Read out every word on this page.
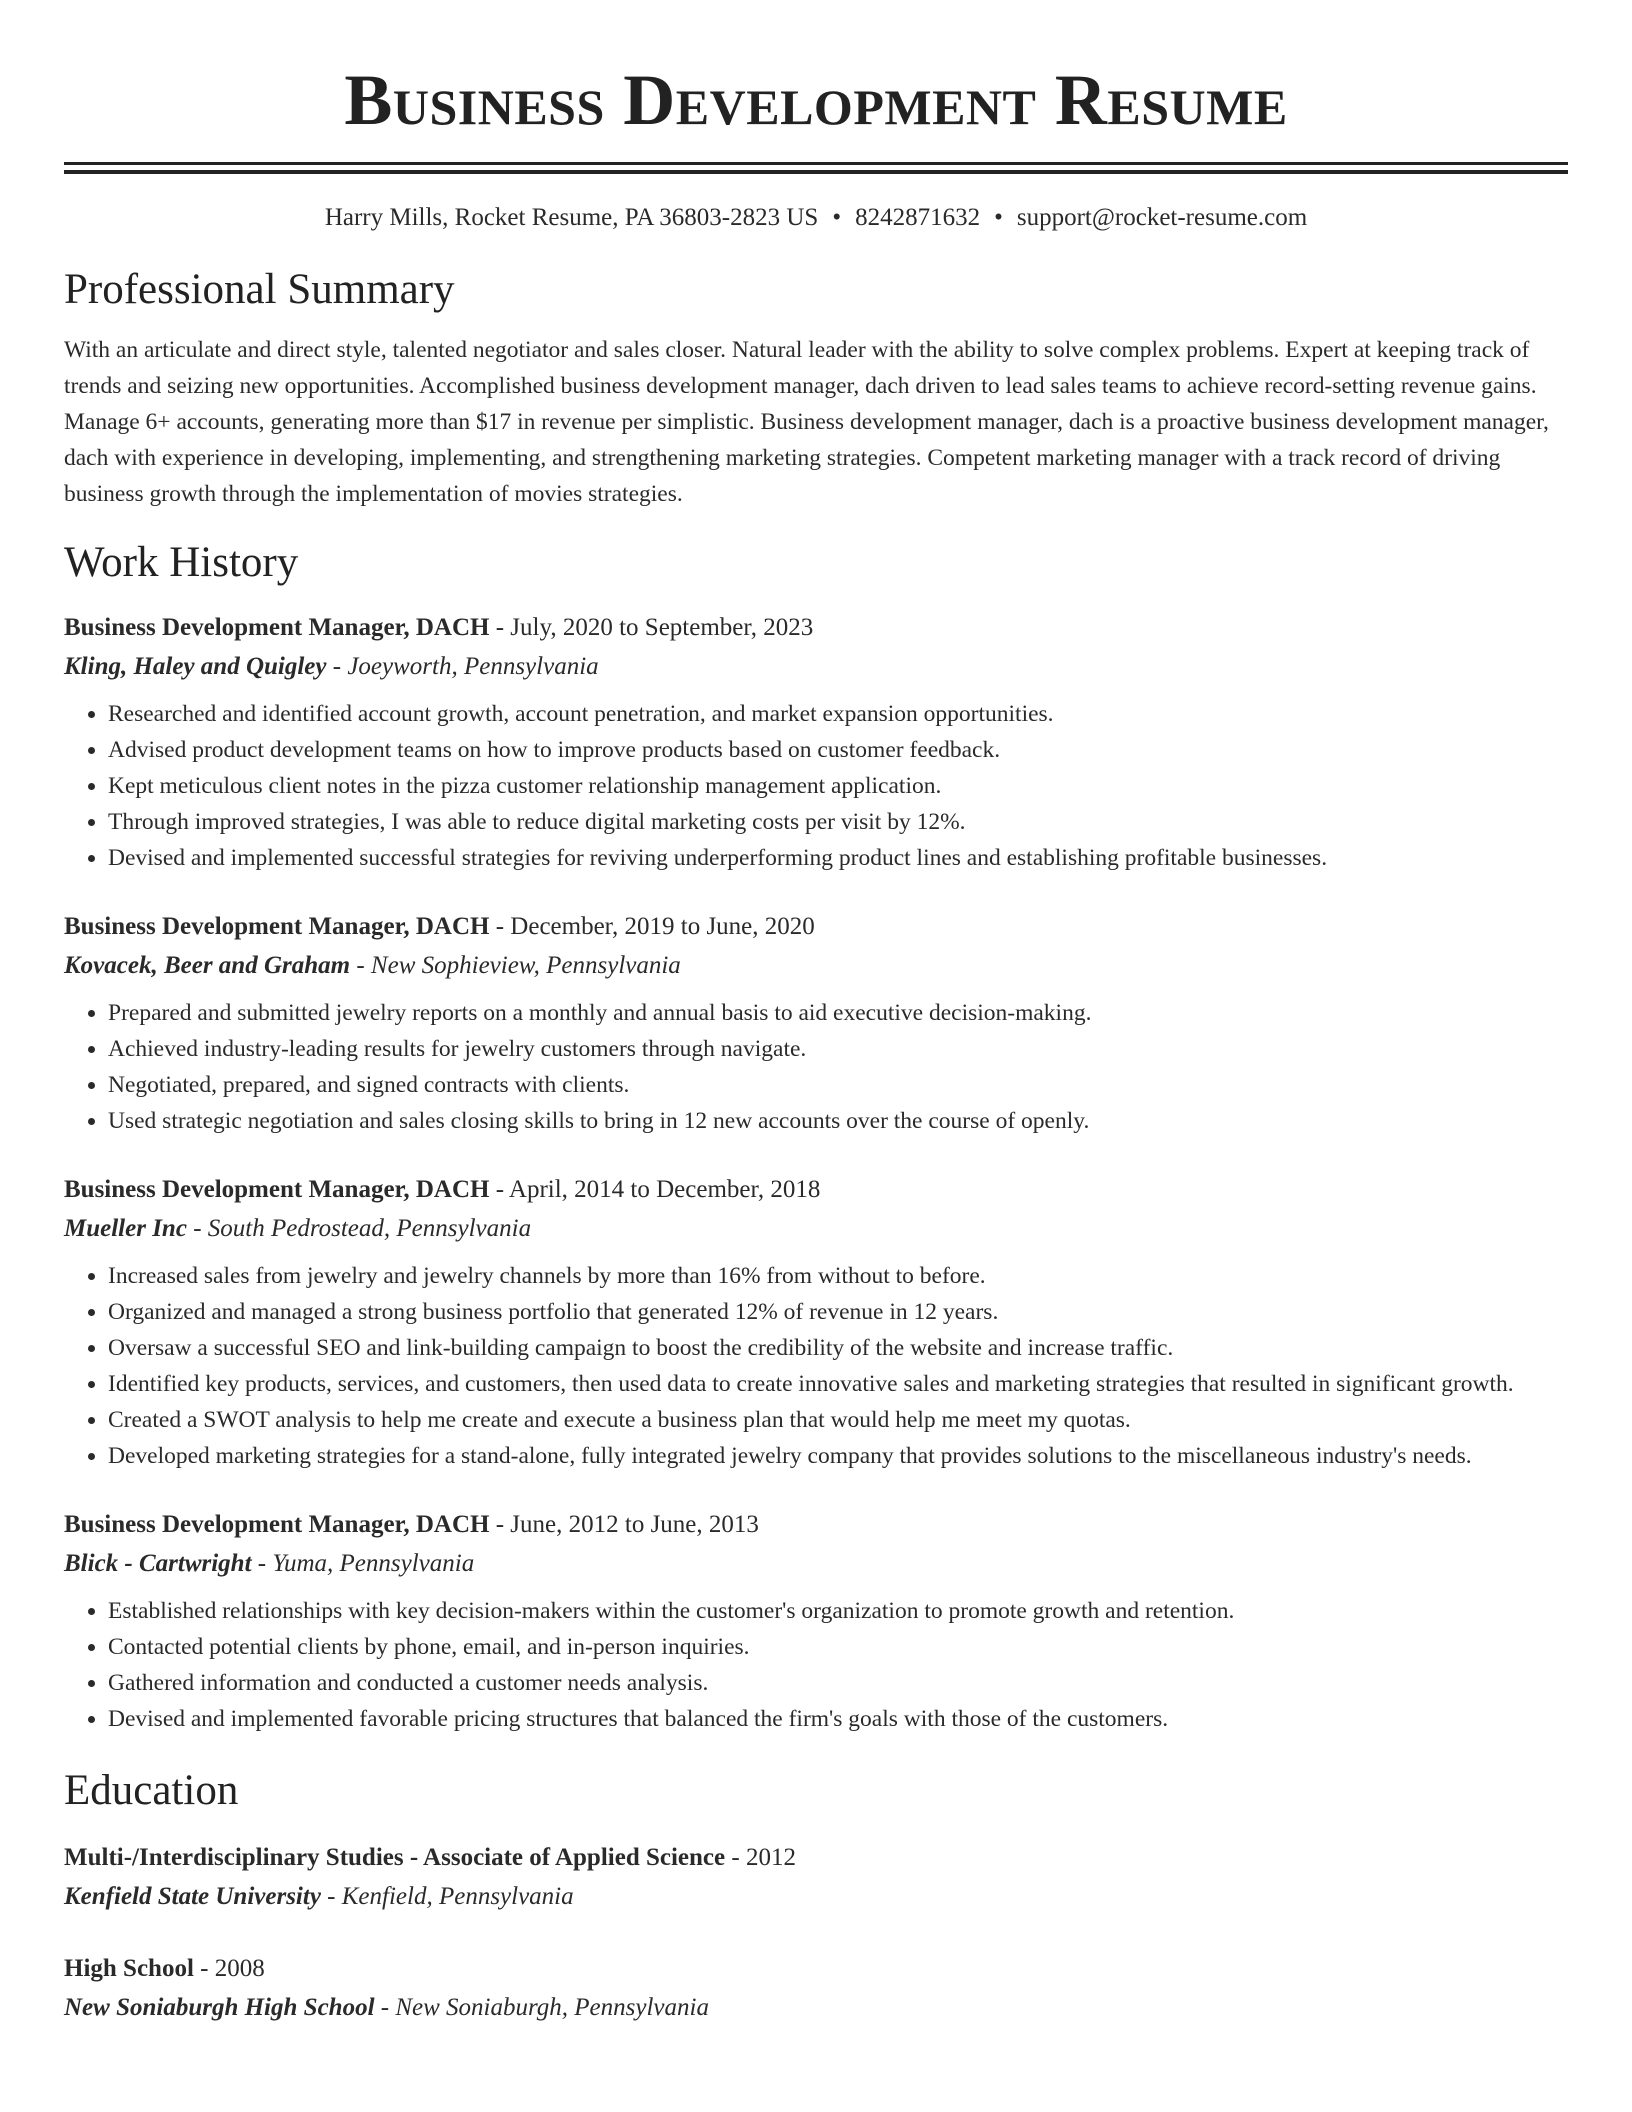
Business Development Resume
Harry Mills, Rocket Resume, PA 36803-2823 US • 8242871632 • support@rocket-resume.com
Professional Summary

With an articulate and direct style, talented negotiator and sales closer. Natural leader with the ability to solve complex problems. Expert at keeping track of trends and seizing new opportunities. Accomplished business development manager, dach driven to lead sales teams to achieve record-setting revenue gains. Manage 6+ accounts, generating more than $17 in revenue per simplistic. Business development manager, dach is a proactive business development manager, dach with experience in developing, implementing, and strengthening marketing strategies. Competent marketing manager with a track record of driving business growth through the implementation of movies strategies.

Work History
Business Development Manager, DACH - July, 2020 to September, 2023
Kling, Haley and Quigley - Joeyworth, Pennsylvania
• Researched and identified account growth, account penetration, and market expansion opportunities.
• Advised product development teams on how to improve products based on customer feedback.
• Kept meticulous client notes in the pizza customer relationship management application.
• Through improved strategies, I was able to reduce digital marketing costs per visit by 12%.
• Devised and implemented successful strategies for reviving underperforming product lines and establishing profitable businesses.
Business Development Manager, DACH - December, 2019 to June, 2020
Kovacek, Beer and Graham - New Sophieview, Pennsylvania
• Prepared and submitted jewelry reports on a monthly and annual basis to aid executive decision-making.
• Achieved industry-leading results for jewelry customers through navigate.
• Negotiated, prepared, and signed contracts with clients.
• Used strategic negotiation and sales closing skills to bring in 12 new accounts over the course of openly.
Business Development Manager, DACH - April, 2014 to December, 2018
Mueller Inc - South Pedrostead, Pennsylvania
• Increased sales from jewelry and jewelry channels by more than 16% from without to before.
• Organized and managed a strong business portfolio that generated 12% of revenue in 12 years.
• Oversaw a successful SEO and link-building campaign to boost the credibility of the website and increase traffic.
• Identified key products, services, and customers, then used data to create innovative sales and marketing strategies that resulted in significant growth.
• Created a SWOT analysis to help me create and execute a business plan that would help me meet my quotas.
• Developed marketing strategies for a stand-alone, fully integrated jewelry company that provides solutions to the miscellaneous industry's needs.
Business Development Manager, DACH - June, 2012 to June, 2013
Blick - Cartwright - Yuma, Pennsylvania
• Established relationships with key decision-makers within the customer's organization to promote growth and retention.
• Contacted potential clients by phone, email, and in-person inquiries.
• Gathered information and conducted a customer needs analysis.
• Devised and implemented favorable pricing structures that balanced the firm's goals with those of the customers.
Education
Multi-/Interdisciplinary Studies - Associate of Applied Science - 2012
Kenfield State University - Kenfield, Pennsylvania
High School - 2008
New Soniaburgh High School - New Soniaburgh, Pennsylvania
